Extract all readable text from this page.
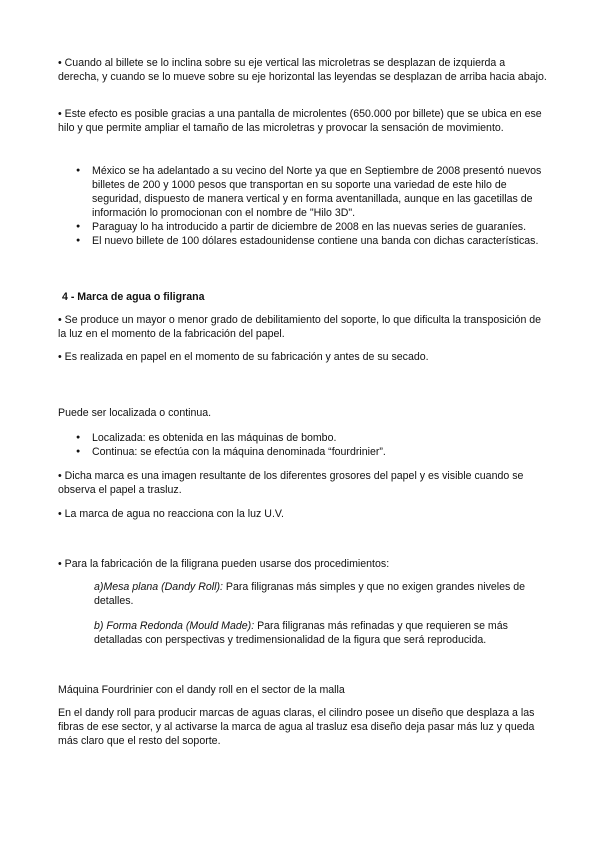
• Cuando al billete se lo inclina sobre su eje vertical las microletras se desplazan de izquierda a derecha, y cuando se lo mueve sobre su eje horizontal las leyendas se desplazan de arriba hacia abajo.

• Este efecto es posible gracias a una pantalla de microlentes (650.000 por billete) que se ubica en ese hilo y que permite ampliar el tamaño de las microletras y provocar la sensación de movimiento.

● México se ha adelantado a su vecino del Norte ya que en Septiembre de 2008 presentó nuevos billetes de 200 y 1000 pesos que transportan en su soporte una variedad de este hilo de seguridad, dispuesto de manera vertical y en forma aventanillada, aunque en las gacetillas de información lo promocionan con el nombre de "Hilo 3D".
● Paraguay lo ha introducido a partir de diciembre de 2008 en las nuevas series de guaraníes.
● El nuevo billete de 100 dólares estadounidense contiene una banda con dichas características.

4 - Marca de agua o filigrana

• Se produce un mayor o menor grado de debilitamiento del soporte, lo que dificulta la transposición de la luz en el momento de la fabricación del papel.

• Es realizada en papel en el momento de su fabricación y antes de su secado.

Puede ser localizada o continua.

● Localizada: es obtenida en las máquinas de bombo.
● Continua: se efectúa con la máquina denominada “fourdrinier”.

• Dicha marca es una imagen resultante de los diferentes grosores del papel y es visible cuando se observa el papel a trasluz.

• La marca de agua no reacciona con la luz U.V.

• Para la fabricación de la filigrana pueden usarse dos procedimientos:

a)Mesa plana (Dandy Roll): Para filigranas más simples y que no exigen grandes niveles de detalles.

b) Forma Redonda (Mould Made): Para filigranas más refinadas y que requieren se más detalladas con perspectivas y tredimensionalidad de la figura que será reproducida.

Máquina Fourdrinier con el dandy roll en el sector de la malla

En el dandy roll para producir marcas de aguas claras, el cilindro posee un diseño que desplaza a las fibras de ese sector, y al activarse la marca de agua al trasluz esa diseño deja pasar más luz y queda más claro que el resto del soporte.
